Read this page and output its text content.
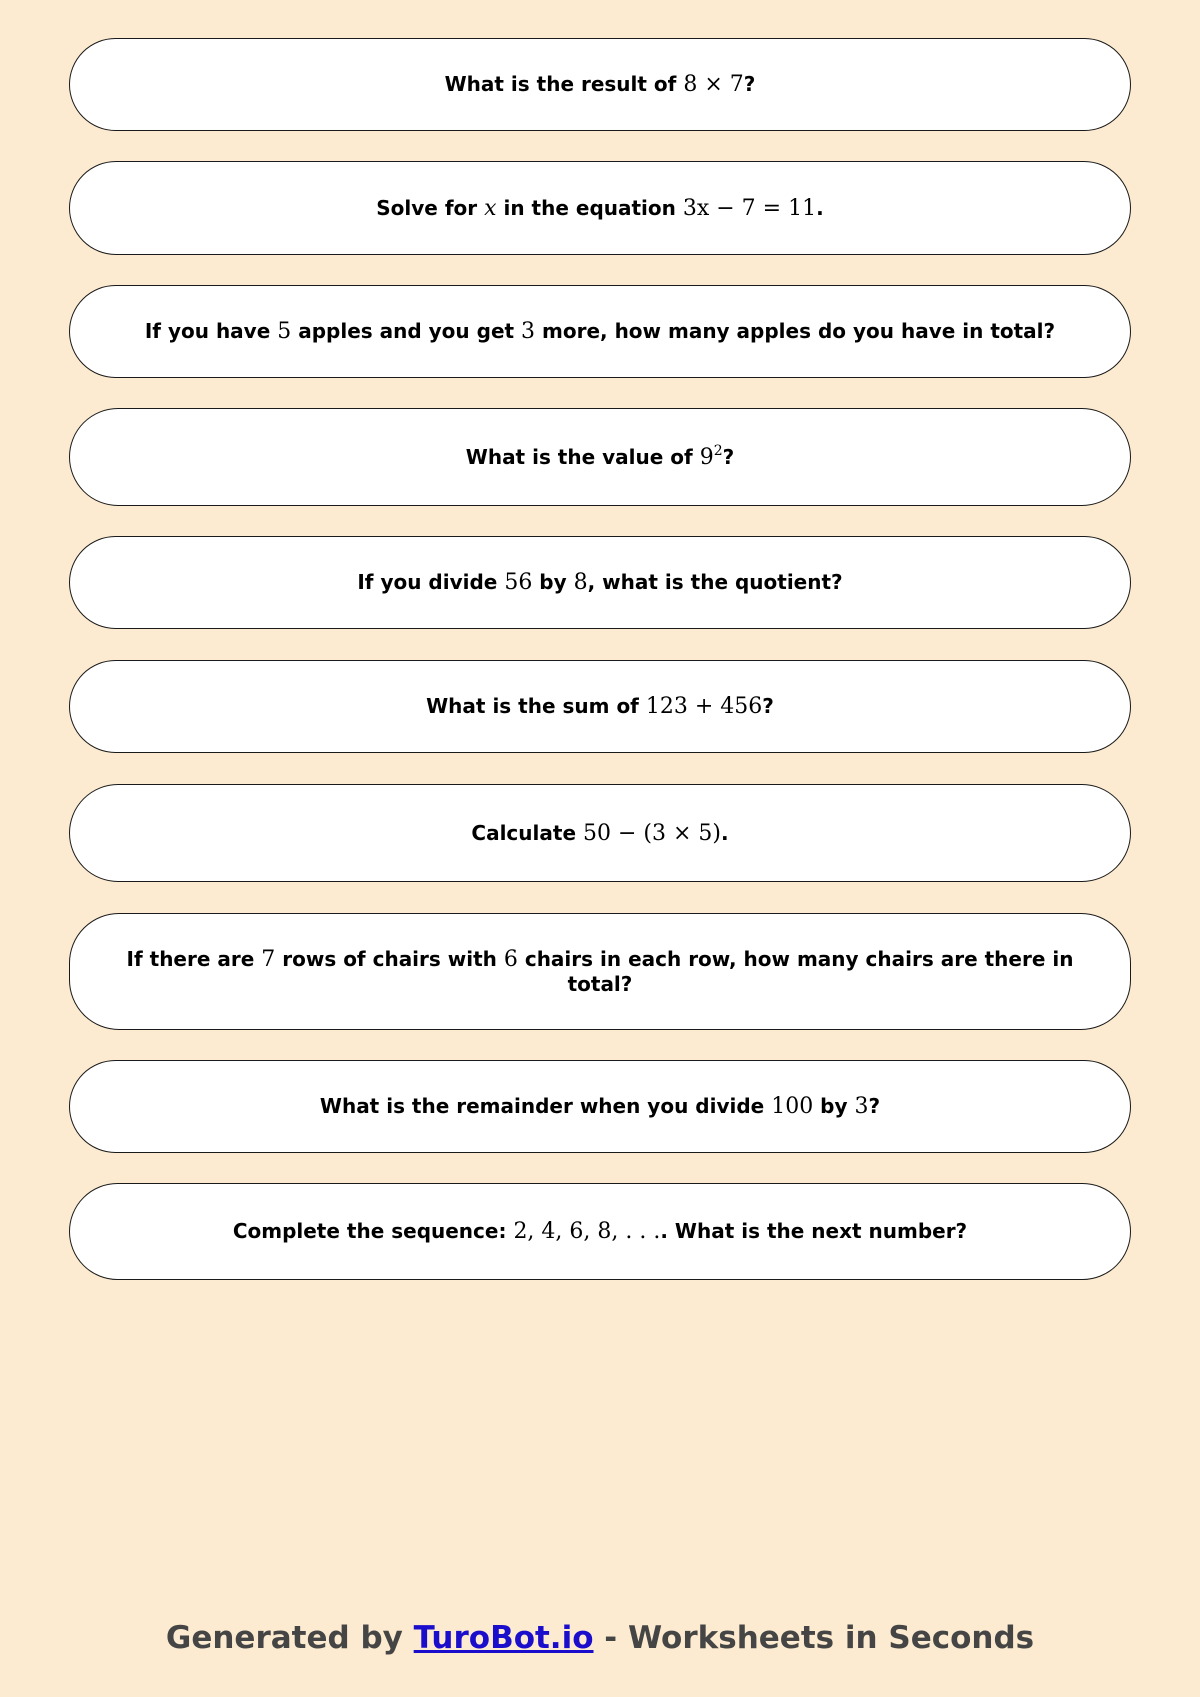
What is the result of 8 × 7?
Solve for x in the equation 3x − 7 = 11.
If you have 5 apples and you get 3 more, how many apples do you have in total?
What is the value of $9^2$?
If you divide 56 by 8, what is the quotient?
What is the sum of 123 + 456?
Calculate 50 − (3 × 5).
If there are 7 rows of chairs with 6 chairs in each row, how many chairs are there in total?
What is the remainder when you divide 100 by 3?
Complete the sequence: 2, 4, 6, 8, . . .. What is the next number?
Generated by TuroBot.io - Worksheets in Seconds
